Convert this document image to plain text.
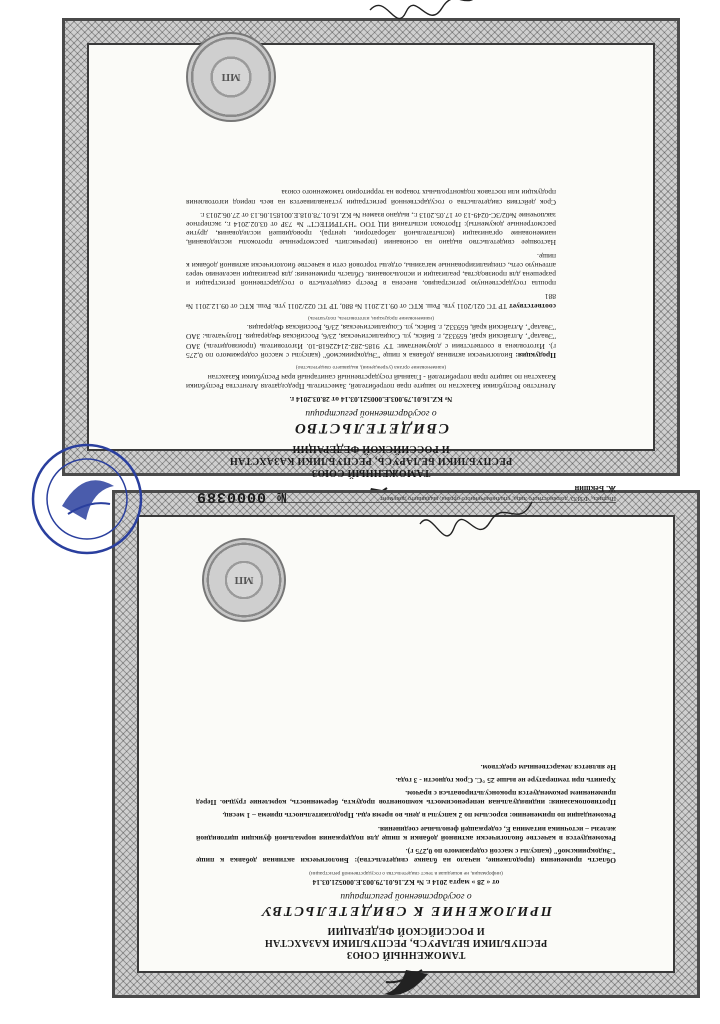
ТАМОЖЕННЫЙ СОЮЗ
РЕСПУБЛИКИ БЕЛАРУСЬ, РЕСПУБЛИКИ КАЗАХСТАН
И РОССИЙСКОЙ ФЕДЕРАЦИИ
СВИДЕТЕЛЬСТВО
о государственной регистрации
№ KZ.16.01.79.003.E.000521.03.14 от 28.03.2014 г.
Агентство Республики Казахстан по защите прав потребителей, Заместитель Председателя Агентства Республики Казахстан по защите прав потребителей - Главный государственный санитарный врач Республики Казахстан
(наименование органа (учреждения), выдавшего свидетельство)
Продукция: Биологически активная добавка к пище "Эндокрииксмоб" (капсулы с массой содержимого по 0,275 г). Изготовлена в соответствии с документами: ТУ 9185-282-21422618-10. Изготовитель (производитель) ЗАО "Эвалар", Алтайский край, 659332, г. Бийск, ул. Социалистическая, 23/6, Российская Федерация. Получатель: ЗАО "Эвалар", Алтайский край, 659332, г. Бийск, ул. Социалистическая, 23/6, Российская Федерация.
(наименование продукции, изготовитель, получатель)
соответствует ТР ТС 021/2011 утв. Реш. КТС от 09.12.2011 № 880, ТР ТС 022/2011 утв. Реш. КТС от 09.12.2011 № 881
прошла государственную регистрацию, внесена в Реестр свидетельств о государственной регистрации и разрешена для производства, реализации и использования. Область применения: для реализации населению через аптечную сеть, специализированные магазины, отделы торговой сети в качестве биологически активной добавки к пище.
Настоящее свидетельство выдано на основании (перечислить рассмотренные протоколы исследований, наименование организации (испытательной лаборатории, центра), проводившей исследования, другие рассмотренные документы): Протокол испытаний ИЦ ТОО "НУТРИТЕСТ" № 73Р от 03.02.2014 г., экспертное заключение №02/3С-0249-13 от 17.05.2013 г., выдано взамен № KZ.16.01.78.018.E.001851.06.13 от 27.06.2013 г.
Срок действия свидетельства о государственной регистрации устанавливается на весь период изготовления продукции или поставок подконтрольных товаров на территорию таможенного союза
МП
ТАМОЖЕННЫЙ СОЮЗ
РЕСПУБЛИКИ БЕЛАРУСЬ, РЕСПУБЛИКИ КАЗАХСТАН
И РОССИЙСКОЙ ФЕДЕРАЦИИ
ПРИЛОЖЕНИЕ К СВИДЕТЕЛЬСТВУ
о государственной регистрации
от « 28 » марта 2014 г. № KZ.16.01.79.003.E.000521.03.14
(информация, не вошедшая в текст свидетельства о государственной регистрации)
Область применения (продолжение, начало на бланке свидетельства): Биологически активная добавка к пище "Эндокрииксмоб" (капсулы с массой содержимого по 0,275 г).
Рекомендуется в качестве биологически активной добавки к пище для поддержания нормальной функции щитовидной железы – источника витамина Е, содержащей фенольные соединения.
Рекомендации по применению: взрослым по 2 капсулы в день во время еды. Продолжительность приема – 1 месяц.
Противопоказания: индивидуальная непереносимость компонентов продукта, беременность, кормление грудью. Перед применением рекомендуется проконсультироваться с врачом.
Хранить при температуре не выше 25 °С. Срок годности - 3 года.
Не является лекарственным средством.
Подпись, Ф.И.О. должностного лица, уполномоченного органа, выдавшего документ
Ж. Бекшин
№ 0000389
МП
